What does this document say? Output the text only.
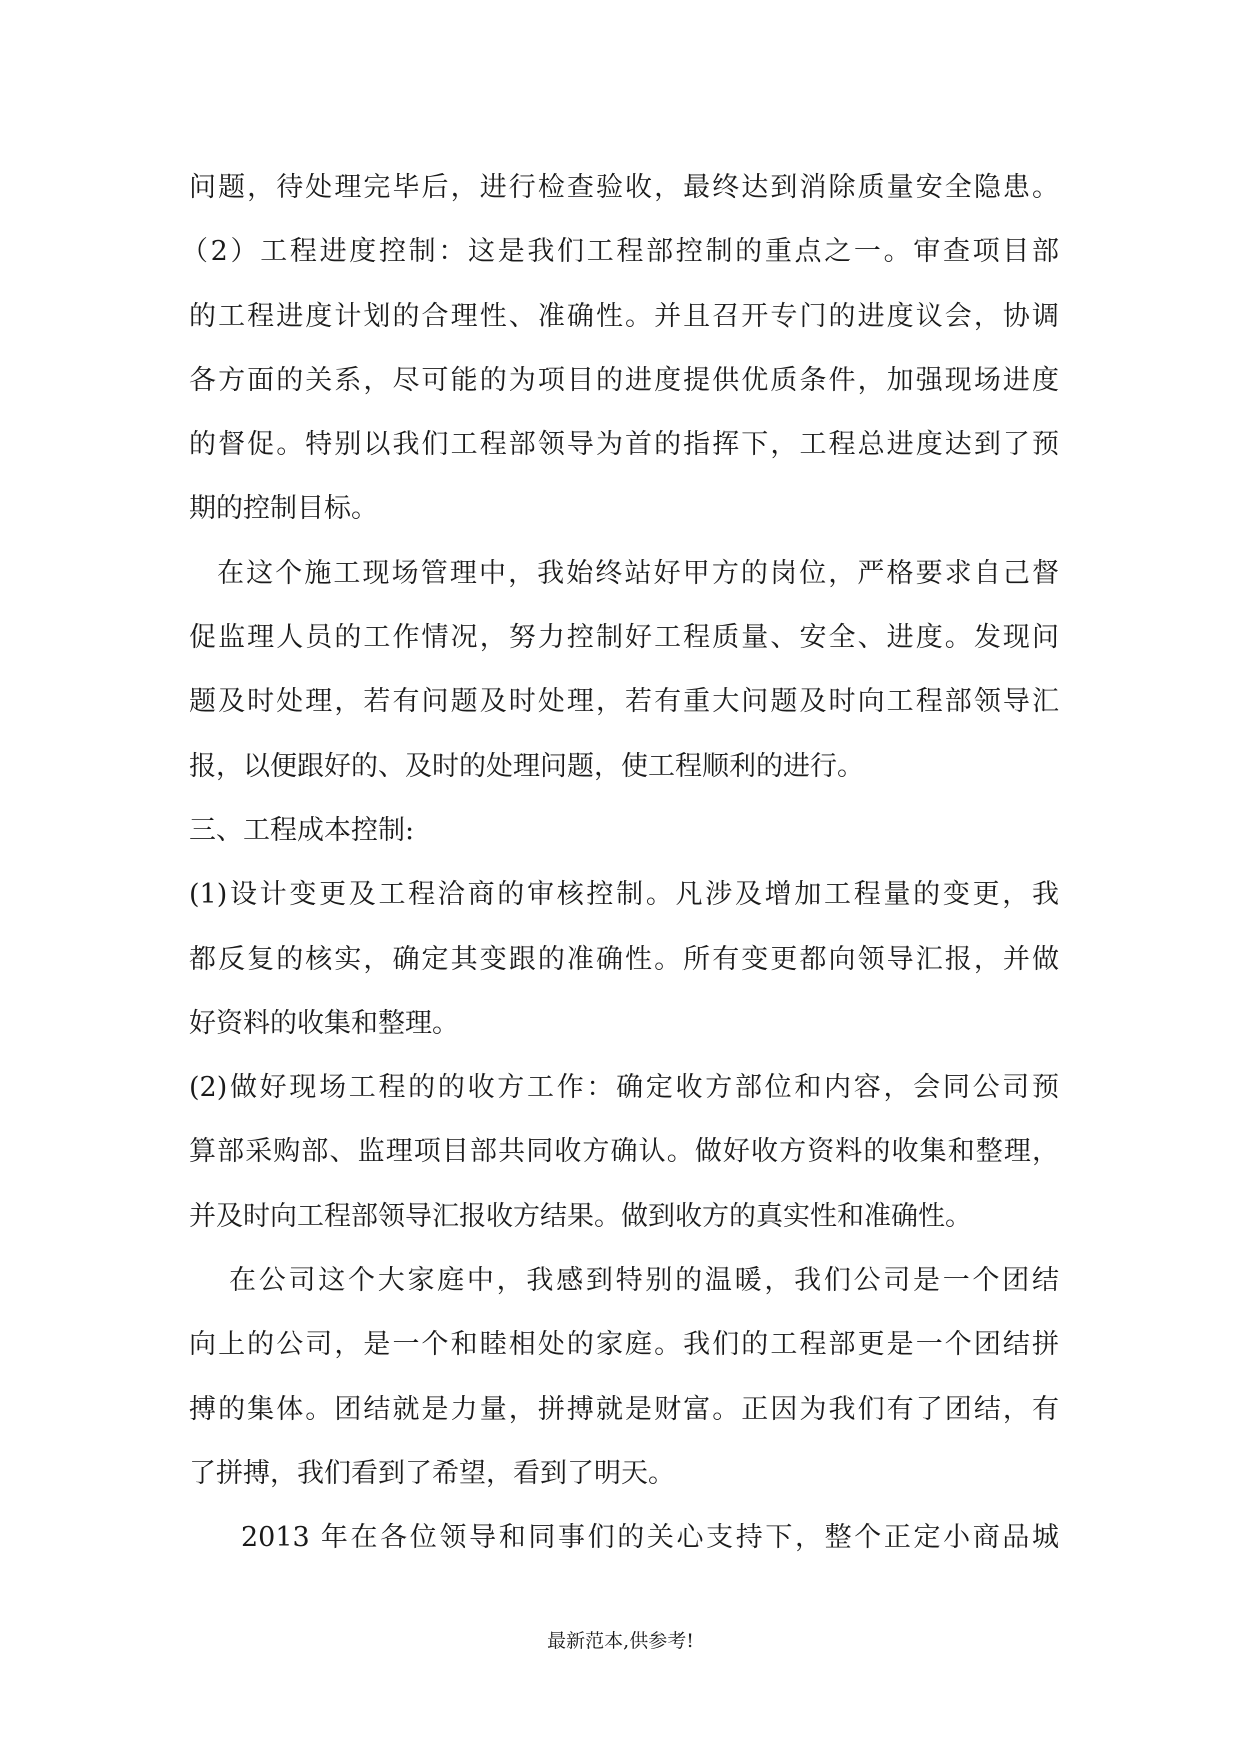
问题，待处理完毕后，进行检查验收，最终达到消除质量安全隐患。
（2）工程进度控制：这是我们工程部控制的重点之一。审查项目部
的工程进度计划的合理性、准确性。并且召开专门的进度议会，协调
各方面的关系，尽可能的为项目的进度提供优质条件，加强现场进度
的督促。特别以我们工程部领导为首的指挥下，工程总进度达到了预
期的控制目标。
在这个施工现场管理中，我始终站好甲方的岗位，严格要求自己督
促监理人员的工作情况，努力控制好工程质量、安全、进度。发现问
题及时处理，若有问题及时处理，若有重大问题及时向工程部领导汇
报，以便跟好的、及时的处理问题，使工程顺利的进行。
三、工程成本控制:
(1)设计变更及工程洽商的审核控制。凡涉及增加工程量的变更，我
都反复的核实，确定其变跟的准确性。所有变更都向领导汇报，并做
好资料的收集和整理。
(2)做好现场工程的的收方工作：确定收方部位和内容，会同公司预
算部采购部、监理项目部共同收方确认。做好收方资料的收集和整理，
并及时向工程部领导汇报收方结果。做到收方的真实性和准确性。
在公司这个大家庭中，我感到特别的温暖，我们公司是一个团结
向上的公司，是一个和睦相处的家庭。我们的工程部更是一个团结拼
搏的集体。团结就是力量，拼搏就是财富。正因为我们有了团结，有
了拼搏，我们看到了希望，看到了明天。
2013 年在各位领导和同事们的关心支持下，整个正定小商品城
最新范本,供参考!
